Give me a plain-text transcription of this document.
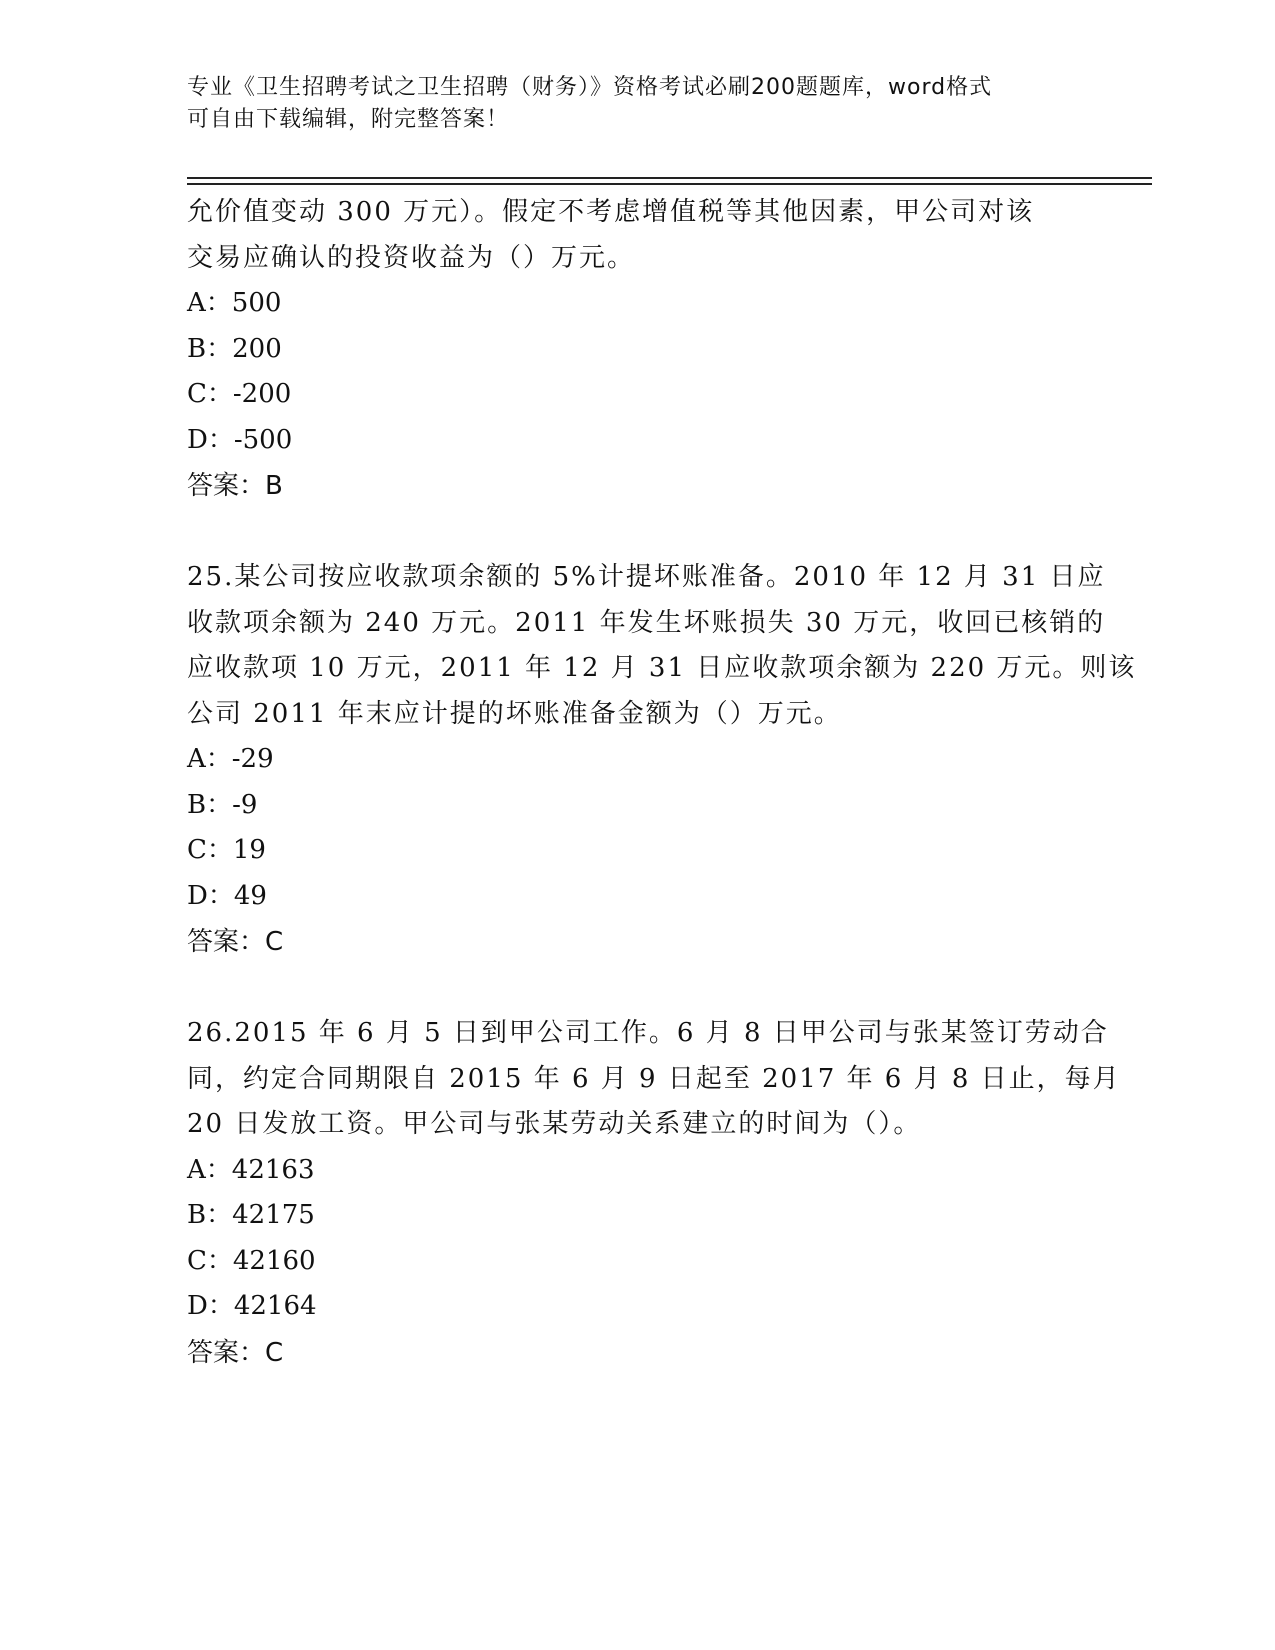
专业《卫生招聘考试之卫生招聘（财务）》资格考试必刷200题题库，word格式
可自由下载编辑，附完整答案！
允价值变动 300 万元）。假定不考虑增值税等其他因素，甲公司对该
交易应确认的投资收益为（）万元。
A：500
B：200
C：-200
D：-500
答案：B
25.某公司按应收款项余额的 5%计提坏账准备。2010 年 12 月 31 日应
收款项余额为 240 万元。2011 年发生坏账损失 30 万元，收回已核销的
应收款项 10 万元，2011 年 12 月 31 日应收款项余额为 220 万元。则该
公司 2011 年末应计提的坏账准备金额为（）万元。
A：-29
B：-9
C：19
D：49
答案：C
26.2015 年 6 月 5 日到甲公司工作。6 月 8 日甲公司与张某签订劳动合
同，约定合同期限自 2015 年 6 月 9 日起至 2017 年 6 月 8 日止，每月
20 日发放工资。甲公司与张某劳动关系建立的时间为（）。
A：42163
B：42175
C：42160
D：42164
答案：C
